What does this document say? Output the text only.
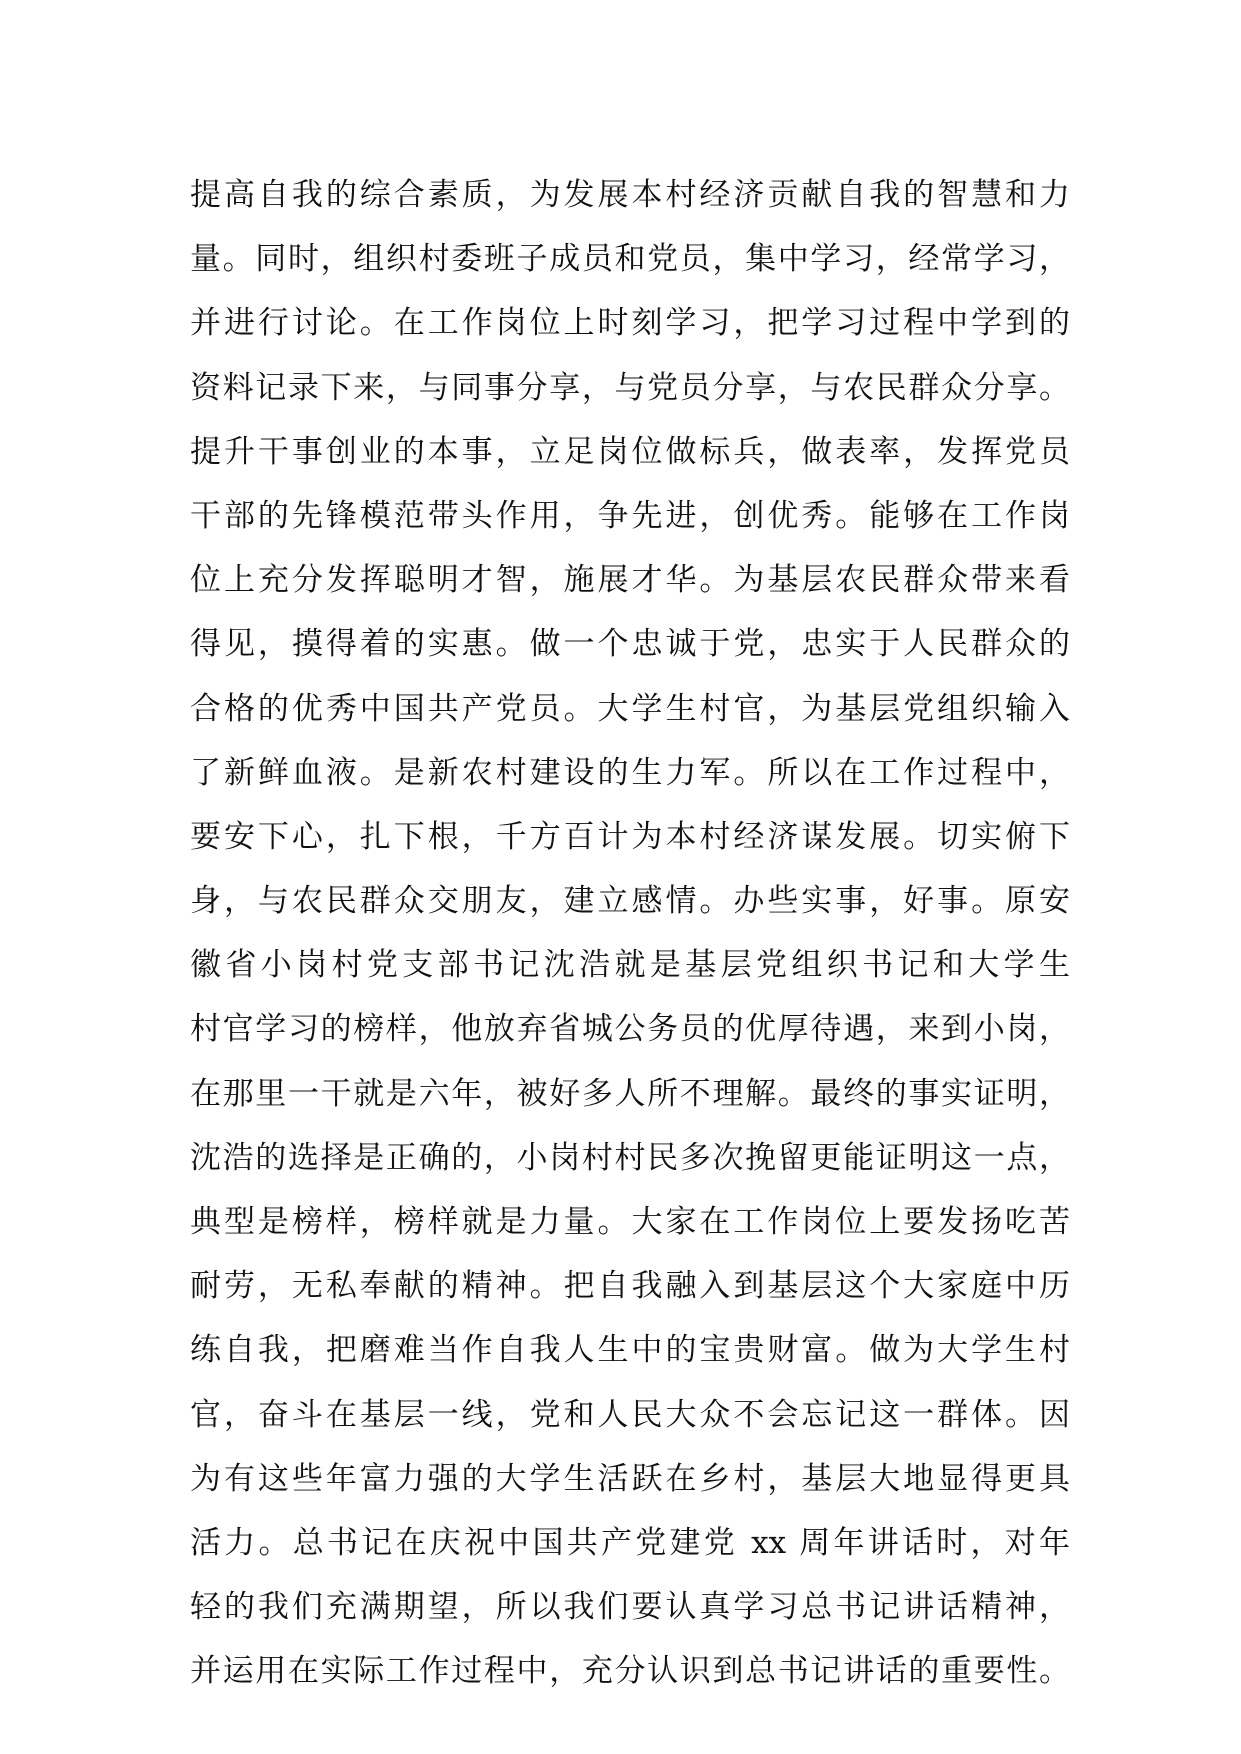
提高自我的综合素质，为发展本村经济贡献自我的智慧和力
量。同时，组织村委班子成员和党员，集中学习，经常学习，
并进行讨论。在工作岗位上时刻学习，把学习过程中学到的
资料记录下来，与同事分享，与党员分享，与农民群众分享。
提升干事创业的本事，立足岗位做标兵，做表率，发挥党员
干部的先锋模范带头作用，争先进，创优秀。能够在工作岗
位上充分发挥聪明才智，施展才华。为基层农民群众带来看
得见，摸得着的实惠。做一个忠诚于党，忠实于人民群众的
合格的优秀中国共产党员。大学生村官，为基层党组织输入
了新鲜血液。是新农村建设的生力军。所以在工作过程中，
要安下心，扎下根，千方百计为本村经济谋发展。切实俯下
身，与农民群众交朋友，建立感情。办些实事，好事。原安
徽省小岗村党支部书记沈浩就是基层党组织书记和大学生
村官学习的榜样，他放弃省城公务员的优厚待遇，来到小岗，
在那里一干就是六年，被好多人所不理解。最终的事实证明，
沈浩的选择是正确的，小岗村村民多次挽留更能证明这一点，
典型是榜样，榜样就是力量。大家在工作岗位上要发扬吃苦
耐劳，无私奉献的精神。把自我融入到基层这个大家庭中历
练自我，把磨难当作自我人生中的宝贵财富。做为大学生村
官，奋斗在基层一线，党和人民大众不会忘记这一群体。因
为有这些年富力强的大学生活跃在乡村，基层大地显得更具
活力。总书记在庆祝中国共产党建党 xx 周年讲话时，对年
轻的我们充满期望，所以我们要认真学习总书记讲话精神，
并运用在实际工作过程中，充分认识到总书记讲话的重要性。
